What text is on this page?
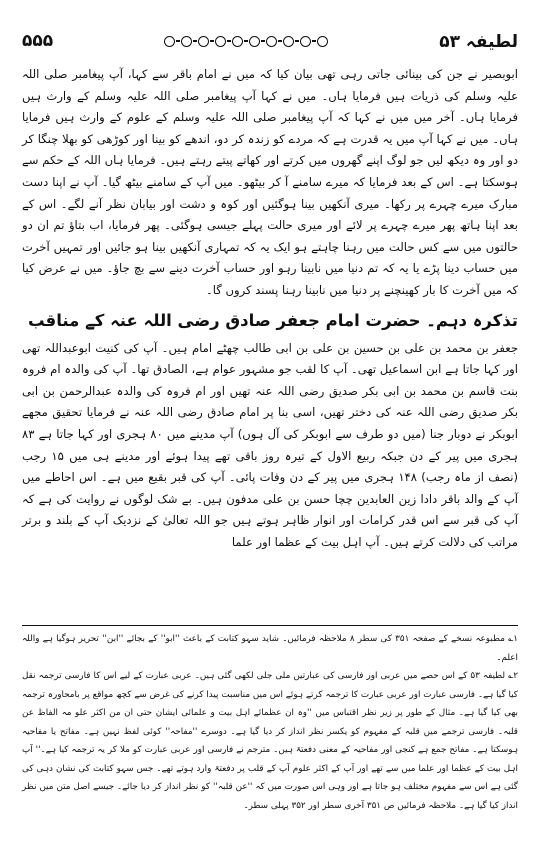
۵۵۵	لطیفہ ۵۳

ابوبصیر نے جن کی بینائی جاتی رہی تھی بیان کیا کہ میں نے امام باقر سے کہا، آپ پیغامبر صلی اللہ علیہ وسلم کی ذریات ہیں فرمایا ہاں۔ میں نے کہا آپ پیغامبر صلی اللہ علیہ وسلم کے وارث ہیں فرمایا ہاں۔ آخر میں میں نے کہا کہ آپ پیغامبر صلی اللہ علیہ وسلم کے علوم کے وارث ہیں فرمایا ہاں۔ میں نے کہا آپ میں یہ قدرت ہے کہ مردے کو زندہ کر دو، اندھے کو بینا اور کوڑھی کو بھلا چنگا کر دو اور وہ دیکھ لیں جو لوگ اپنے گھروں میں کرتے اور کھاتے پیتے رہتے ہیں۔ فرمایا ہاں اللہ کے حکم سے ہوسکتا ہے۔ اس کے بعد فرمایا کہ میرے سامنے آ کر بیٹھو۔ میں آپ کے سامنے بیٹھ گیا۔ آپ نے اپنا دست مبارک میرے چہرے پر رکھا۔ میری آنکھیں بینا ہوگئیں اور کوہ و دشت اور بیابان نظر آنے لگے۔ اس کے بعد اپنا ہاتھ پھر میرے چہرے پر لائے اور میری حالت پہلے جیسی ہوگئی۔ پھر فرمایا، اب بتاؤ تم ان دو حالتوں میں سے کس حالت میں رہنا چاہتے ہو ایک یہ کہ تمہاری آنکھیں بینا ہو جائیں اور تمہیں آخرت میں حساب دینا پڑے یا یہ کہ تم دنیا میں نابینا رہو اور حساب آخرت دینے سے بچ جاؤ۔ میں نے عرض کیا کہ میں آخرت کا بار کھینچنے پر دنیا میں نابینا رہنا پسند کروں گا۔

تذکرہ دہم۔ حضرت امام جعفر صادق رضی اللہ عنہ کے مناقب

جعفر بن محمد بن علی بن حسین بن علی بن ابی طالب چھٹے امام ہیں۔ آپ کی کنیت ابوعبداللہ تھی اور کہا جاتا ہے ابن اسماعیل تھی۔ آپ کا لقب جو مشہور عوام ہے، الصادق تھا۔ آپ کی والدہ ام فروہ بنت قاسم بن محمد بن ابی بکر صدیق رضی اللہ عنہ تھیں اور ام فروہ کی والدہ عبدالرحمن بن ابی بکر صدیق رضی اللہ عنہ کی دختر تھیں، اسی بنا پر امام صادق رضی اللہ عنہ نے فرمایا تحقیق مجھے ابوبکر نے دوبار جنا (میں دو طرف سے ابوبکر کی آل ہوں) آپ مدینے میں ۸۰ ہجری اور کہا جاتا ہے ۸۳ ہجری میں پیر کے دن جبکہ ربیع الاول کے تیرہ روز باقی تھے پیدا ہوئے اور مدینے ہی میں ۱۵ رجب (نصف از ماہ رجب) ۱۴۸ ہجری میں پیر کے دن وفات پائی۔ آپ کی قبر بقیع میں ہے۔ اس احاطے میں آپ کے والد باقر دادا زین العابدین چچا حسن بن علی مدفون ہیں۔ بے شک لوگوں نے روایت کی ہے کہ آپ کی قبر سے اس قدر کرامات اور انوار ظاہر ہوتے ہیں جو اللہ تعالیٰ کے نزدیک آپ کے بلند و برتر مراتب کی دلالت کرتے ہیں۔ آپ اہل بیت کے عظما اور علما

۱؎ مطبوعہ نسخے کے صفحہ ۳۵۱ کی سطر ۸ ملاحظہ فرمائیں۔ شاید سہو کتابت کے باعث ''ابو'' کے بجائے ''ابن'' تحریر ہوگیا ہے واللہ اعلم۔

۲؎ لطیفہ ۵۳ کے اس حصے میں عربی اور فارسی کی عبارتیں ملی جلی لکھی گئی ہیں۔ عربی عبارت کے لیے اس کا فارسی ترجمہ نقل کیا گیا ہے۔ فارسی عبارت اور عربی عبارت کا ترجمہ کرتے ہوئے اس میں مناسبت پیدا کرنے کی غرض سے کچھ مواقع پر بامحاورہ ترجمہ بھی کیا گیا ہے۔ مثال کے طور پر زیر نظر اقتباس میں ''وہ ان عظمائے اہل بیت و علمائی ایشان حتی ان من اکثر علو مہ الفاظ عن قلبہ۔ فارسی ترجمے میں قلبہ کے مفہوم کو یکسر نظر انداز کر دیا گیا ہے۔ دوسرے ''مفاحہ'' کوئی لفظ نہیں ہے۔ مفاتح یا مفاحیہ ہوسکتا ہے۔ مفاتح جمع ہے کنجی اور مفاحیہ کے معنی دفعتہً ہیں۔ مترجم نے فارسی اور عربی عبارت کو ملا کر یہ ترجمہ کیا ہے۔'' آپ اہل بیت کے عظما اور علما میں سے تھے اور آپ کے اکثر علوم آپ کے قلب پر دفعتہً وارد ہوتے تھے۔ جس سہو کتابت کی نشان دہی کی گئی ہے اس سے مفہوم مختلف ہو جاتا ہے اور وہی اس صورت میں کہ ''عن قلبہ'' کو نظر انداز کر دیا جائے۔ جیسے اصل متن میں نظر انداز کیا گیا ہے۔ ملاحظہ فرمائیں ص ۳۵۱ آخری سطر اور ۳۵۲ پہلی سطر۔
